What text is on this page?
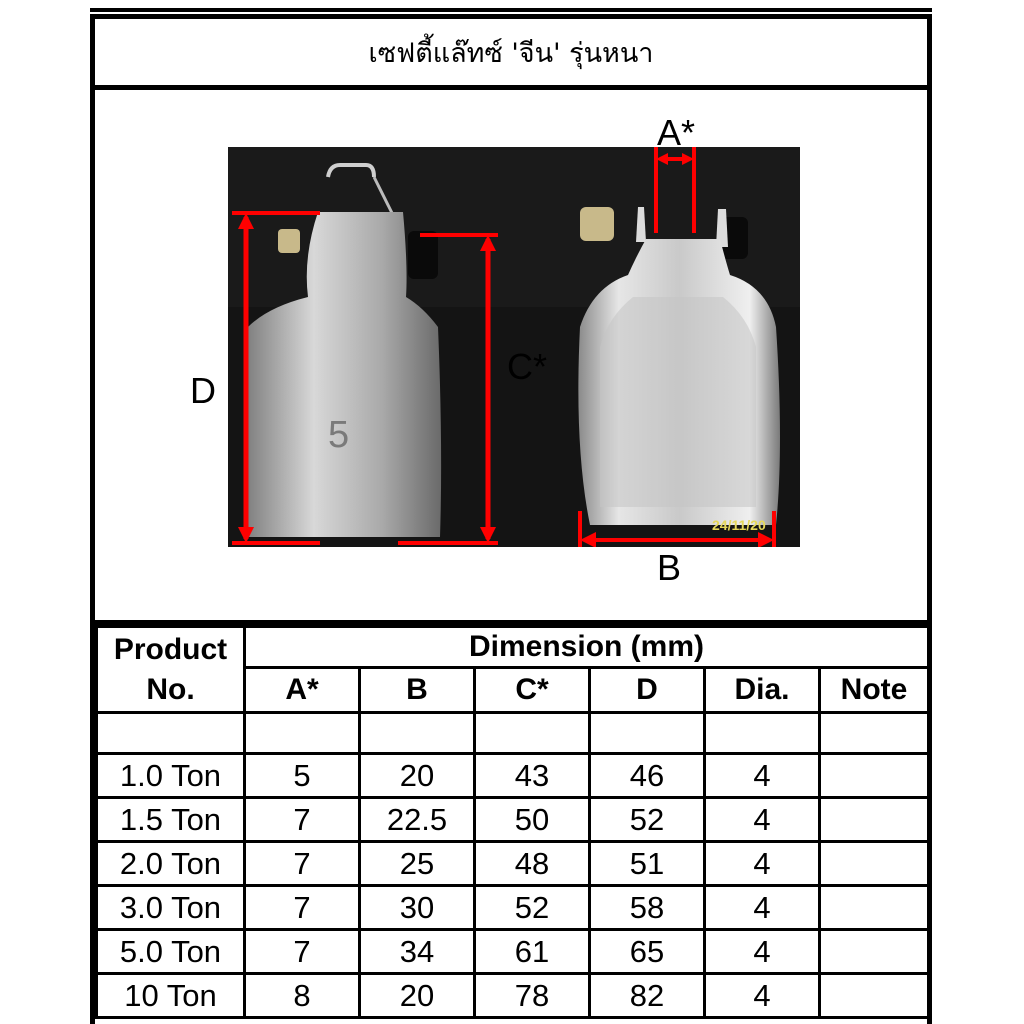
เซฟตี้แล๊ทซ์ 'จีน' รุ่นหนา
5
24/11/20
A*
B
C*
D
Product
No.	Dimension (mm)					
	A*	B	C*	D	Dia.	Note

1.0 Ton	5	20	43	46	4	
1.5 Ton	7	22.5	50	52	4	
2.0 Ton	7	25	48	51	4	
3.0 Ton	7	30	52	58	4	
5.0 Ton	7	34	61	65	4	
10 Ton	8	20	78	82	4	
